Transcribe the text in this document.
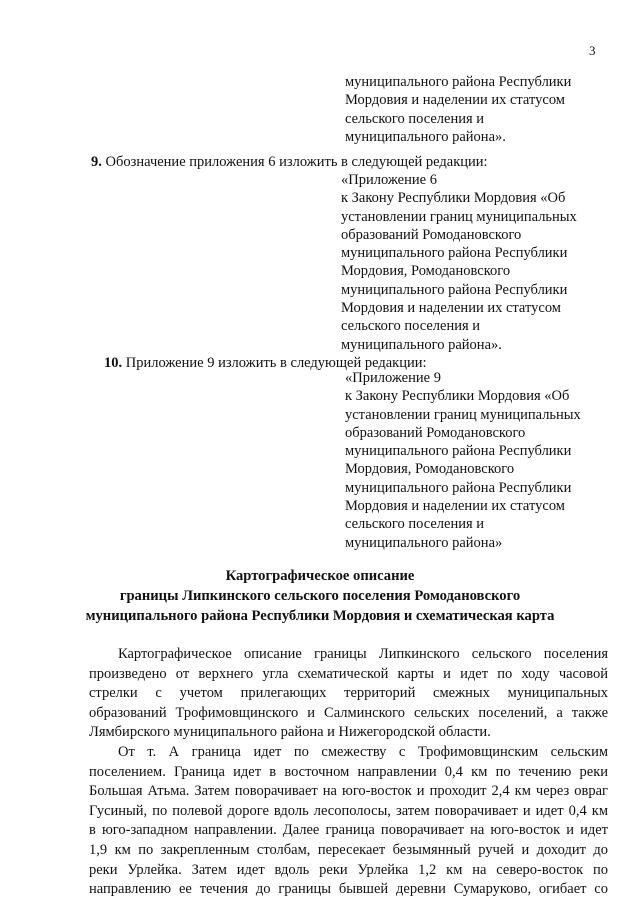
3
муниципального района Республики
Мордовия и наделении их статусом
сельского поселения и
муниципального района».
9. Обозначение приложения 6 изложить в следующей редакции:
«Приложение 6
к Закону Республики Мордовия «Об
установлении границ муниципальных
образований Ромодановского
муниципального района Республики
Мордовия, Ромодановского
муниципального района Республики
Мордовия и наделении их статусом
сельского поселения и
муниципального района».
10. Приложение 9 изложить в следующей редакции:
«Приложение 9
к Закону Республики Мордовия «Об
установлении границ муниципальных
образований Ромодановского
муниципального района Республики
Мордовия, Ромодановского
муниципального района Республики
Мордовия и наделении их статусом
сельского поселения и
муниципального района»
Картографическое описание
границы Липкинского сельского поселения Ромодановского
муниципального района Республики Мордовия и схематическая карта
Картографическое описание границы Липкинского сельского поселения
произведено от верхнего угла схематической карты и идет по ходу часовой
стрелки с учетом прилегающих территорий смежных муниципальных
образований Трофимовщинского и Салминского сельских поселений, а также
Лямбирского муниципального района и Нижегородской области.
От т. А граница идет по смежеству с Трофимовщинским сельским
поселением. Граница идет в восточном направлении 0,4 км по течению реки
Большая Атьма. Затем поворачивает на юго-восток и проходит 2,4 км через овраг
Гусиный, по полевой дороге вдоль лесополосы, затем поворачивает и идет 0,4 км
в юго-западном направлении. Далее граница поворачивает на юго-восток и идет
1,9 км по закрепленным столбам, пересекает безымянный ручей и доходит до
реки Урлейка. Затем идет вдоль реки Урлейка 1,2 км на северо-восток по
направлению ее течения до границы бывшей деревни Сумаруково, огибает со
